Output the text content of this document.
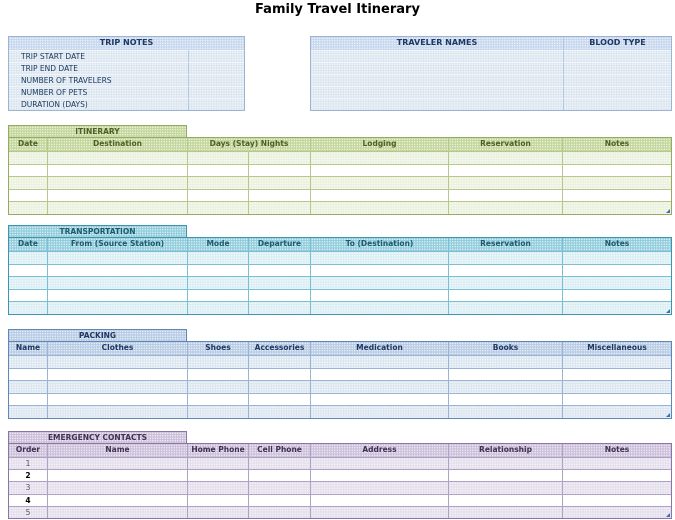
Family Travel Itinerary
TRIP NOTES
TRIP START DATE
TRIP END DATE
NUMBER OF TRAVELERS
NUMBER OF PETS
DURATION (DAYS)
TRAVELER NAMES	BLOOD TYPE
ITINERARY
Date	Destination	Days (Stay) Nights	Lodging	Reservation	Notes
TRANSPORTATION
Date	From (Source Station)	Mode	Departure	To (Destination)	Reservation	Notes
PACKING
Name	Clothes	Shoes	Accessories	Medication	Books	Miscellaneous
EMERGENCY CONTACTS
Order	Name	Home Phone	Cell Phone	Address	Relationship	Notes
1
2
3
4
5
